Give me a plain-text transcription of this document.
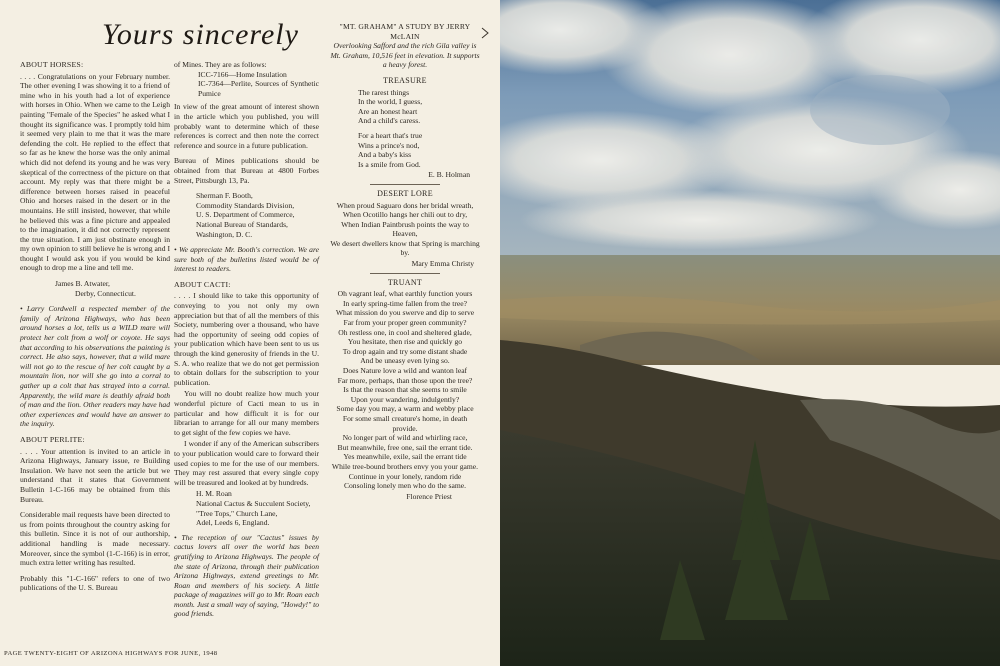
Yours sincerely
ABOUT HORSES:

. . . . Congratulations on your February number. The other evening I was showing it to a friend of mine who in his youth had a lot of experience with horses in Ohio. When we came to the Leigh painting "Female of the Species" he asked what I thought its significance was. I promptly told him it seemed very plain to me that it was the mare defending the colt. He replied to the effect that so far as he knew the horse was the only animal which did not defend its young and he was very skeptical of the correctness of the picture on that account. My reply was that there might be a difference between horses raised in peaceful Ohio and horses raised in the desert or in the mountains. He still insisted, however, that while he believed this was a fine picture and appealed to the imagination, it did not correctly represent the true situation. I am just obstinate enough in my own opinion to still believe he is wrong and I thought I would ask you if you would be kind enough to drop me a line and tell me.

James B. Atwater,
Derby, Connecticut.

• Larry Cordwell a respected member of the family of Arizona Highways, who has been around horses a lot, tells us a WILD mare will protect her colt from a wolf or coyote. He says that according to his observations the painting is correct. He also says, however, that a wild mare will not go to the rescue of her colt caught by a mountain lion, nor will she go into a corral to gather up a colt that has strayed into a corral. Apparently, the wild mare is deathly afraid both of man and the lion. Other readers may have had other experiences and would have an answer to the inquiry.

ABOUT PERLITE:

. . . . Your attention is invited to an article in Arizona Highways, January issue, re Building Insulation. We have not seen the article but we understand that it states that Government Bulletin 1-C-166 may be obtained from this Bureau.

Considerable mail requests have been directed to us from points throughout the country asking for this bulletin. Since it is not of our authorship, additional handling is made necessary. Moreover, since the symbol (1-C-166) is in error, much extra letter writing has resulted.

Probably this "1-C-166" refers to one of two publications of the U. S. Bureau

of Mines. They are as follows:

ICC-7166—Home Insulation
IC-7364—Perlite, Sources of Synthetic Pumice

In view of the great amount of interest shown in the article which you published, you will probably want to determine which of these references is correct and then note the correct reference and source in a future publication.

Bureau of Mines publications should be obtained from that Bureau at 4800 Forbes Street, Pittsburgh 13, Pa.

Sherman F. Booth,
Commodity Standards Division,
U. S. Department of Commerce,
National Bureau of Standards,
Washington, D. C.

• We appreciate Mr. Booth's correction. We are sure both of the bulletins listed would be of interest to readers.

ABOUT CACTI:

. . . . I should like to take this opportunity of conveying to you not only my own appreciation but that of all the members of this Society, numbering over a thousand, who have had the opportunity of seeing odd copies of your publication which have been sent to us us through the kind generosity of friends in the U. S. A. who realize that we do not get permission to obtain dollars for the subscription to your publication.

You will no doubt realize how much your wonderful picture of Cacti mean to us in particular and how difficult it is for our librarian to arrange for all our many members to get sight of the few copies we have.

I wonder if any of the American subscribers to your publication would care to forward their used copies to me for the use of our members. They may rest assured that every single copy will be treasured and looked at by hundreds.

H. M. Roan
National Cactus & Succulent Society,
"Tree Tops," Church Lane,
Adel, Leeds 6, England.

• The reception of our "Cactus" issues by cactus lovers all over the world has been gratifying to Arizona Highways. The people of the state of Arizona, through their publication Arizona Highways, extend greetings to Mr. Roan and members of his society. A little package of magazines will go to Mr. Roan each month. Just a small way of saying, "Howdy!" to good friends.

"MT. GRAHAM" A STUDY BY JERRY McLAIN
Overlooking Safford and the rich Gila valley is Mt. Graham, 10,516 feet in elevation. It supports a heavy forest.
TREASURE
The rarest things
In the world, I guess,
Are an honest heart
And a child's caress.
For a heart that's true
Wins a prince's nod,
And a baby's kiss
Is a smile from God.
E. B. Holman
DESERT LORE
When proud Saguaro dons her bridal wreath,
When Ocotillo hangs her chili out to dry,
When Indian Paintbrush points the way to Heaven,
We desert dwellers know that Spring is marching by.
Mary Emma Christy
TRUANT
Oh vagrant leaf, what earthly function yours
In early spring-time fallen from the tree?
What mission do you swerve and dip to serve
Far from your proper green community?
Oh restless one, in cool and sheltered glade,
You hesitate, then rise and quickly go
To drop again and try some distant shade
And be uneasy even lying so.
Does Nature love a wild and wanton leaf
Far more, perhaps, than those upon the tree?
Is that the reason that she seems to smile
Upon your wandering, indulgently?
Some day you may, a warm and webby place
For some small creature's home, in death provide.
No longer part of wild and whirling race,
But meanwhile, free one, sail the errant tide.
Yes meanwhile, exile, sail the errant tide
While tree-bound brothers envy you your game.
Continue in your lonely, random ride
Consoling lonely men who do the same.
Florence Priest
PAGE TWENTY-EIGHT OF ARIZONA HIGHWAYS FOR JUNE, 1948
